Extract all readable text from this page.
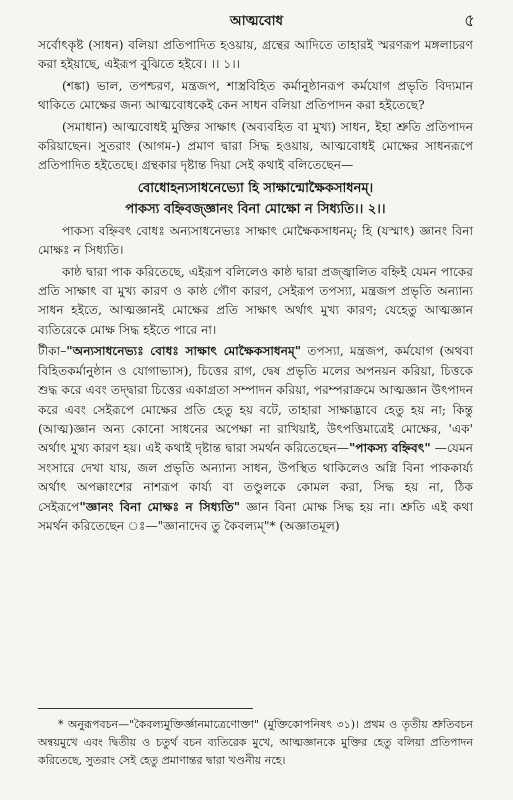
আত্মবোধ	৫

সর্বোৎকৃষ্ট (সাধন) বলিয়া প্রতিপাদিত হওয়ায়, গ্রন্থের আদিতে তাহারই স্মরণরূপ মঙ্গলাচরণ করা হইয়াছে, এইরূপ বুঝিতে হইবে। ।। ১।।

(শঙ্কা) ভাল, তপশ্চরণ, মন্ত্রজপ, শাস্ত্রবিহিত কর্মানুষ্ঠানরূপ কর্মযোগ প্রভৃতি বিদ্যমান থাকিতে মোক্ষের জন্য আত্মবোধকেই কেন সাধন বলিয়া প্রতিপাদন করা হইতেছে?

(সমাধান) আত্মবোধই মুক্তির সাক্ষাৎ (অব্যবহিত বা মুখ্য) সাধন, ইহা শ্রুতি প্রতিপাদন করিয়াছেন। সুতরাং (আগম-) প্রমাণ দ্বারা সিদ্ধ হওয়ায়, আত্মবোধই মোক্ষের সাধনরূপে প্রতিপাদিত হইতেছে। গ্রন্থকার দৃষ্টান্ত দিয়া সেই কথাই বলিতেছেন—

বোধোহন্যসাধনেভ্যো হি সাক্ষান্মোক্ষৈকসাধনম্।
পাকস্য বহ্নিবজ্জ্ঞানং বিনা মোক্ষো ন সিধ্যতি।। ২।।

পাকস্য বহ্নিবৎ বোধঃ অন্যসাধনেভ্যঃ সাক্ষাৎ মোক্ষৈকসাধনম্; হি (যস্মাৎ) জ্ঞানং বিনা মোক্ষঃ ন সিধ্যতি।

কাষ্ঠ দ্বারা পাক করিতেছে, এইরূপ বলিলেও কাষ্ঠ দ্বারা প্রজ্জ্বালিত বহ্নিই যেমন পাকের প্রতি সাক্ষাৎ বা মুখ্য কারণ ও কাষ্ঠ গৌণ কারণ, সেইরূপ তপস্যা, মন্ত্রজপ প্রভৃতি অন্যান্য সাধন হইতে, আত্মজ্ঞানই মোক্ষের প্রতি সাক্ষাৎ অর্থাৎ মুখ্য কারণ; যেহেতু আত্মজ্ঞান ব্যতিরেকে মোক্ষ সিদ্ধ হইতে পারে না।

টীকা–"অন্যসাধনেভ্যঃ বোধঃ সাক্ষাৎ মোক্ষৈকসাধনম্" তপস্যা, মন্ত্রজপ, কর্মযোগ (অথবা বিহিতকর্মানুষ্ঠান ও যোগাভ্যাস), চিত্তের রাগ, দ্বেষ প্রভৃতি মলের অপনয়ন করিয়া, চিত্তকে শুদ্ধ করে এবং তদ্দ্বারা চিত্তের একাগ্রতা সম্পাদন করিয়া, পরম্পরাক্রমে আত্মজ্ঞান উৎপাদন করে এবং সেইরূপে মোক্ষের প্রতি হেতু হয় বটে, তাহারা সাক্ষাদ্ভাবে হেতু হয় না; কিন্তু (আত্ম)জ্ঞান অন্য কোনো সাধনের অপেক্ষা না রাখিয়াই, উৎপত্তিমাত্রেই মোক্ষের, 'এক' অর্থাৎ মুখ্য কারণ হয়। এই কথাই দৃষ্টান্ত দ্বারা সমর্থন করিতেছেন—"পাকস্য বহ্নিবৎ" —যেমন সংসারে দেখা যায়, জল প্রভৃতি অন্যান্য সাধন, উপস্থিত থাকিলেও অগ্নি বিনা পাককার্য্য অর্থাৎ অপক্কাংশের নাশরূপ কার্য্য বা তণ্ডুলকে কোমল করা, সিদ্ধ হয় না, ঠিক সেইরূপে"জ্ঞানং বিনা মোক্ষঃ ন সিধ্যতি" জ্ঞান বিনা মোক্ষ সিদ্ধ হয় না। শ্রুতি এই কথা সমর্থন করিতেছেন ঃ—"জ্ঞানাদেব তু কৈবল্যম্"* (অজ্ঞাতমূল)

* অনুরূপবচন—"কৈবল্যমুক্তির্জ্ঞানমাত্রেণোক্তা" (মুক্তিকোপনিষৎ ৩১)। প্রথম ও তৃতীয় শ্রুতিবচন অন্বয়মুখে এবং দ্বিতীয় ও চতুর্থ বচন ব্যতিরেক মুখে, আত্মজ্ঞানকে মুক্তির হেতু বলিয়া প্রতিপাদন করিতেছে, সুতরাং সেই হেতু প্রমাণান্তর দ্বারা খণ্ডনীয় নহে।
